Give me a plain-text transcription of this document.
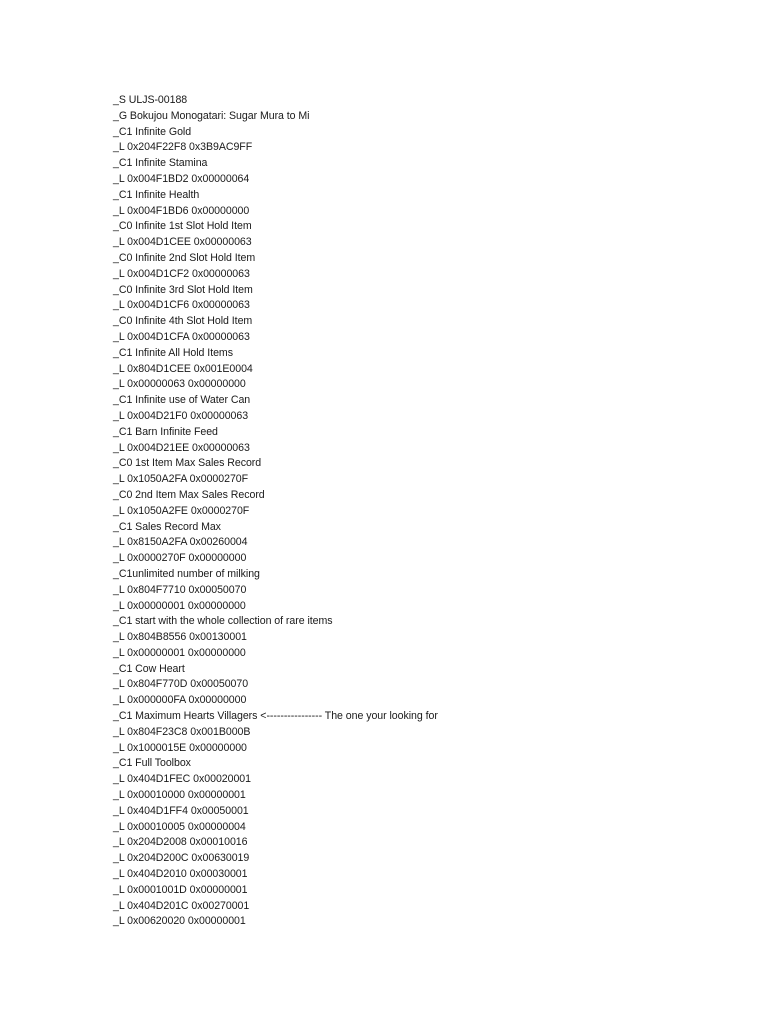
_S ULJS-00188
_G Bokujou Monogatari: Sugar Mura to Mi
_C1 Infinite Gold
_L 0x204F22F8 0x3B9AC9FF
_C1 Infinite Stamina
_L 0x004F1BD2 0x00000064
_C1 Infinite Health
_L 0x004F1BD6 0x00000000
_C0 Infinite 1st Slot Hold Item
_L 0x004D1CEE 0x00000063
_C0 Infinite 2nd Slot Hold Item
_L 0x004D1CF2 0x00000063
_C0 Infinite 3rd Slot Hold Item
_L 0x004D1CF6 0x00000063
_C0 Infinite 4th Slot Hold Item
_L 0x004D1CFA 0x00000063
_C1 Infinite All Hold Items
_L 0x804D1CEE 0x001E0004
_L 0x00000063 0x00000000
_C1 Infinite use of Water Can
_L 0x004D21F0 0x00000063
_C1 Barn Infinite Feed
_L 0x004D21EE 0x00000063
_C0 1st Item Max Sales Record
_L 0x1050A2FA 0x0000270F
_C0 2nd Item Max Sales Record
_L 0x1050A2FE 0x0000270F
_C1 Sales Record Max
_L 0x8150A2FA 0x00260004
_L 0x0000270F 0x00000000
_C1unlimited number of milking
_L 0x804F7710 0x00050070
_L 0x00000001 0x00000000
_C1 start with the whole collection of rare items
_L 0x804B8556 0x00130001
_L 0x00000001 0x00000000
_C1 Cow Heart
_L 0x804F770D 0x00050070
_L 0x000000FA 0x00000000
_C1 Maximum Hearts Villagers <---------------- The one your looking for
_L 0x804F23C8 0x001B000B
_L 0x1000015E 0x00000000
_C1 Full Toolbox
_L 0x404D1FEC 0x00020001
_L 0x00010000 0x00000001
_L 0x404D1FF4 0x00050001
_L 0x00010005 0x00000004
_L 0x204D2008 0x00010016
_L 0x204D200C 0x00630019
_L 0x404D2010 0x00030001
_L 0x0001001D 0x00000001
_L 0x404D201C 0x00270001
_L 0x00620020 0x00000001
